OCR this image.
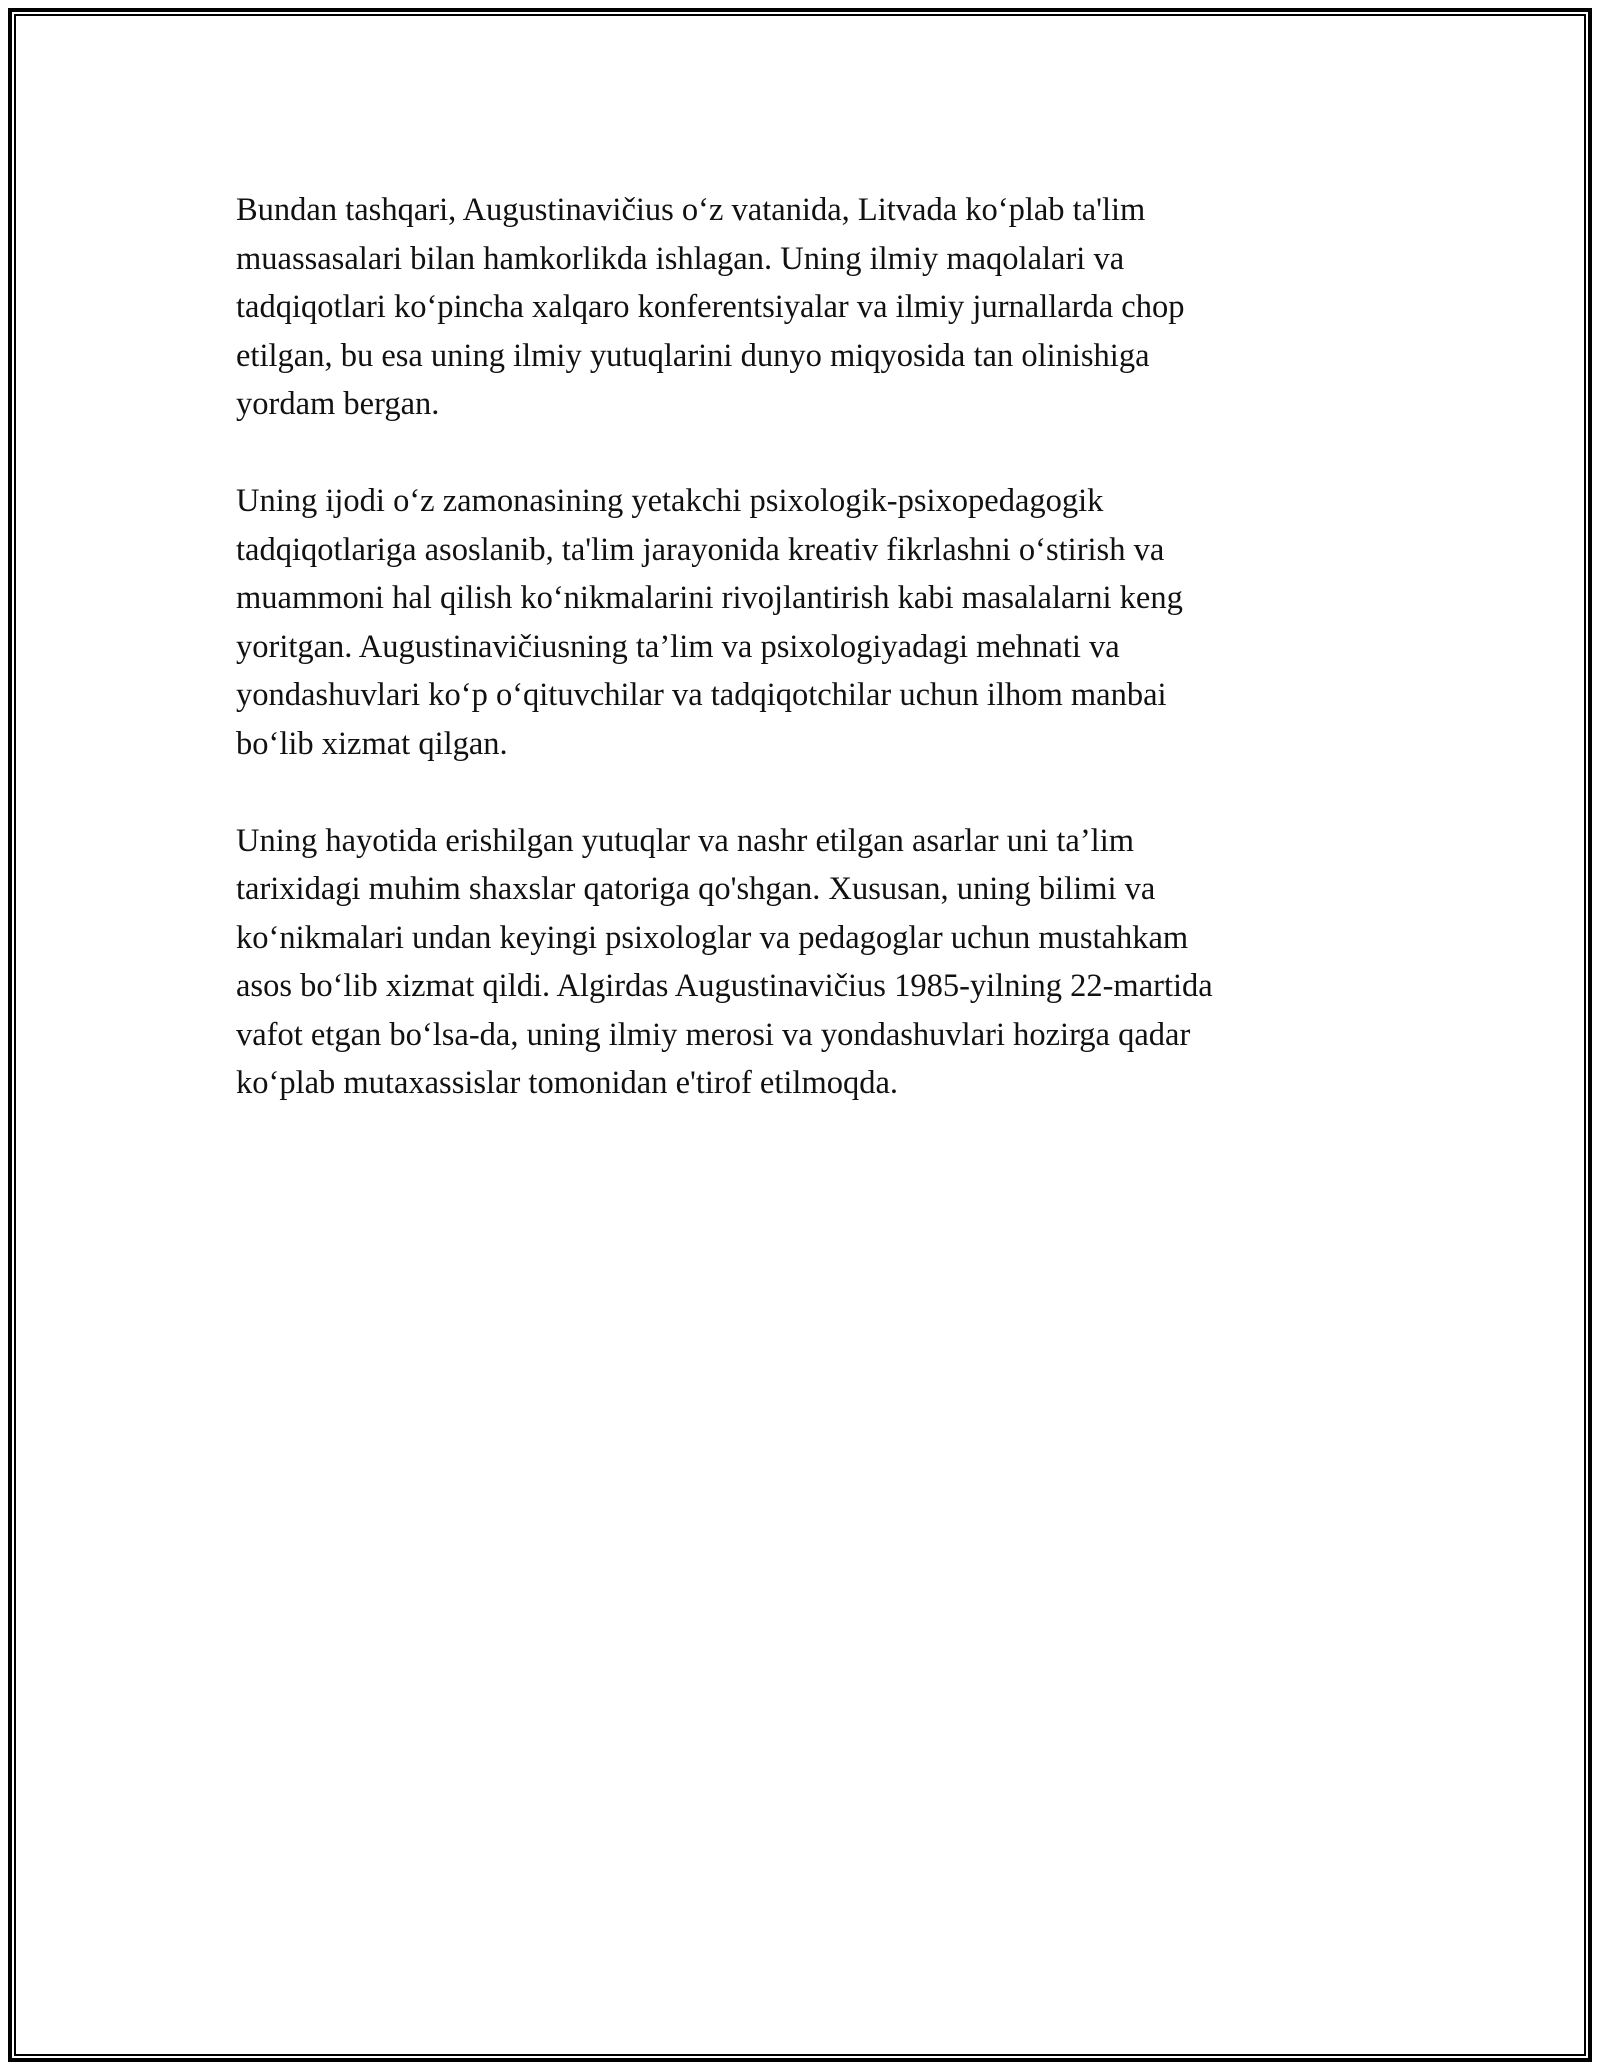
Bundan tashqari, Augustinavičius oʻz vatanida, Litvada koʻplab ta'lim
muassasalari bilan hamkorlikda ishlagan. Uning ilmiy maqolalari va
tadqiqotlari koʻpincha xalqaro konferentsiyalar va ilmiy jurnallarda chop
etilgan, bu esa uning ilmiy yutuqlarini dunyo miqyosida tan olinishiga
yordam bergan.

Uning ijodi oʻz zamonasining yetakchi psixologik-psixopedagogik
tadqiqotlariga asoslanib, ta'lim jarayonida kreativ fikrlashni oʻstirish va
muammoni hal qilish koʻnikmalarini rivojlantirish kabi masalalarni keng
yoritgan. Augustinavičiusning ta’lim va psixologiyadagi mehnati va
yondashuvlari koʻp oʻqituvchilar va tadqiqotchilar uchun ilhom manbai
boʻlib xizmat qilgan.

Uning hayotida erishilgan yutuqlar va nashr etilgan asarlar uni ta’lim
tarixidagi muhim shaxslar qatoriga qo'shgan. Xususan, uning bilimi va
koʻnikmalari undan keyingi psixologlar va pedagoglar uchun mustahkam
asos boʻlib xizmat qildi. Algirdas Augustinavičius 1985-yilning 22-martida
vafot etgan boʻlsa-da, uning ilmiy merosi va yondashuvlari hozirga qadar
koʻplab mutaxassislar tomonidan e'tirof etilmoqda.
